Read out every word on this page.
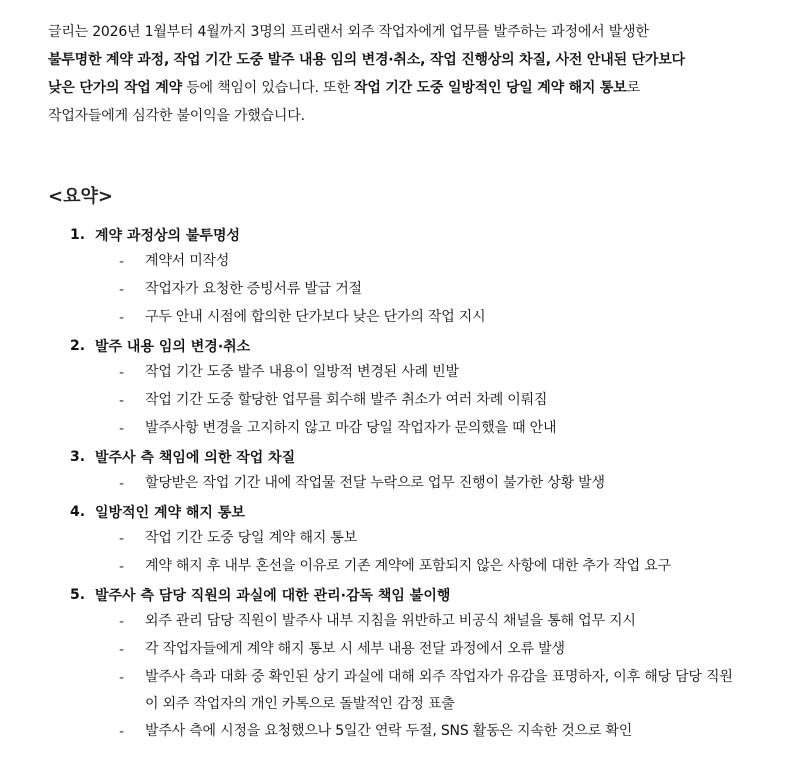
글리는 2026년 1월부터 4월까지 3명의 프리랜서 외주 작업자에게 업무를 발주하는 과정에서 발생한
불투명한 계약 과정, 작업 기간 도중 발주 내용 임의 변경·취소, 작업 진행상의 차질, 사전 안내된 단가보다
낮은 단가의 작업 계약 등에 책임이 있습니다. 또한 작업 기간 도중 일방적인 당일 계약 해지 통보로
작업자들에게 심각한 불이익을 가했습니다.
<요약>
1. 계약 과정상의 불투명성
-	계약서 미작성
-	작업자가 요청한 증빙서류 발급 거절
-	구두 안내 시점에 합의한 단가보다 낮은 단가의 작업 지시
2. 발주 내용 임의 변경·취소
-	작업 기간 도중 발주 내용이 일방적 변경된 사례 빈발
-	작업 기간 도중 할당한 업무를 회수해 발주 취소가 여러 차례 이뤄짐
-	발주사항 변경을 고지하지 않고 마감 당일 작업자가 문의했을 때 안내
3. 발주사 측 책임에 의한 작업 차질
-	할당받은 작업 기간 내에 작업물 전달 누락으로 업무 진행이 불가한 상황 발생
4. 일방적인 계약 해지 통보
-	작업 기간 도중 당일 계약 해지 통보
-	계약 해지 후 내부 혼선을 이유로 기존 계약에 포함되지 않은 사항에 대한 추가 작업 요구
5. 발주사 측 담당 직원의 과실에 대한 관리·감독 책임 불이행
-	외주 관리 담당 직원이 발주사 내부 지침을 위반하고 비공식 채널을 통해 업무 지시
-	각 작업자들에게 계약 해지 통보 시 세부 내용 전달 과정에서 오류 발생
-	발주사 측과 대화 중 확인된 상기 과실에 대해 외주 작업자가 유감을 표명하자, 이후 해당 담당 직원이 외주 작업자의 개인 카톡으로 돌발적인 감정 표출
-	발주사 측에 시정을 요청했으나 5일간 연락 두절, SNS 활동은 지속한 것으로 확인
